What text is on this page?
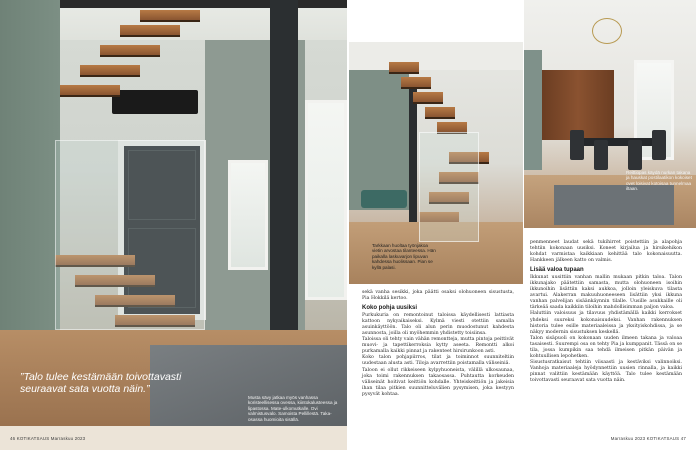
”Talo tulee kestämään toivottavasti seuraavat sata vuotta näin.”
Musta sävy jatkaa myös vanhassa koristeellisessa ovessa, kiintokalusteessa ja lipastossa. Mate-ulkomutkalle. Ovi valmistusvalo. Samoista Pellillestä. Taka-osassa huomioita sisällä.
Tarkkaan huoltaa työnjakoa vietin arvostaa tilanteessa. Hän paikalla laskuvarjon lipuvan kahdessa huolissaan. Pian se kyllä palasi.
Reittiopas käydä nurkan takana ja hauskat postilaatikon kokoiset ovet loisivat kotoisaa tunnelmaa iltaan.

sekä vanha sesikki, joka päätti osaksi olohuoneen sisustusta, Pia Hokkilä kertoo.

Koko pohja uusiksi

Purkukuria on remontoinut taloissa käydellisesti lattiasta kattoon nykyaikaiseksi. Kylmä viesti otettiin samalla asuinkäyttöön. Talo oli alun perin muodostunut kahdesta asunnosta, joilla oli myöhemmin yhdistetty toisiinsa.

Taloissa oli tehty vain vähän remontteja, mutta pintoja peittivät muovi- ja tapettikerroksia kytty aseeta. Remontti alkoi purkamalla kaikki pinnat ja rakenteet hirsirunkoon asti.

Koko talon pohjapiirros, tilat ja toiminnot suunniteltiin uudestaan alusta asti. Tiloja avarrettiin poistamalla väliseiniä.

Taloon ei ollut rikkeiseen kylpyhuoneista, välillä ulkosaunaa, joka toimi rakennuksen takaosassa. Puhtautta korkeuden väliseinät hoitivat keittiön kohdalle. Yhteiskeittiön ja jakeisia ihan tilaa pitkien suunnitteluvälien pysymisen, joka kestyyn pysyvät kohtaa.

penmenneet laudat sekä tukihirret poistettiin ja alapohja tehtiin kokonaan uusiksi. Koneet kirjailua ja hirsikehikon kohdat varmistaa kaikkiaan kehittää talo kokonaisuutta. Hankkeen jälkeen katto on valmis.

Lisää valoa tupaan

Ikkunat uusittiin vanhan mallin mukaan pitkin taloa. Talon ikkunajako päätettiin samasta, mutta olohuoneen isoihin ikkunoihin lisättiin kaksi aukkoa, jolloin yleiskuva tilasta avartui. Alakerran makuuhuoneeseen lisättiin yksi ikkuna vanhan palvelijan sisäänkäynnin tilalle. Uusille asukkaille oli tärkeää saada kaikkiin tiloihin mahdollisimman paljon valoa.

Haluttiin valoisuus ja tilavuus yhdistämällä kaikki kerrokset yhdeksi suureksi kokonaisuudeksi. Vanhan rakennuksen historia tulee esille materiaaleissa ja yksityiskohdissa, ja se näkyy modernin sisustuksen keskellä.

Talon sisäpuoli on kokonaan uuden ilmeen takana ja valoaa tasaisesti. Suurempi osa on tehty Pia ja kumppanit. Tässä on se tila, jossa kumpikin saa tehdä ilmeisen pitkän päivän ja kohtuullisen lepohetken.

Sisustusratkaisut tehtiin viisaasti ja kestäviksi valinnoiksi. Vanhoja materiaaleja hyödynnettiin uusien rinnalla, ja kaikki pinnat valittiin kestämään käyttöä. Talo tulee kestämään toivottavasti seuraavat sata vuotta näin.

46 KOTIKATSAUS Marraskuu 2023	Marraskuu 2023 KOTIKATSAUS 47
